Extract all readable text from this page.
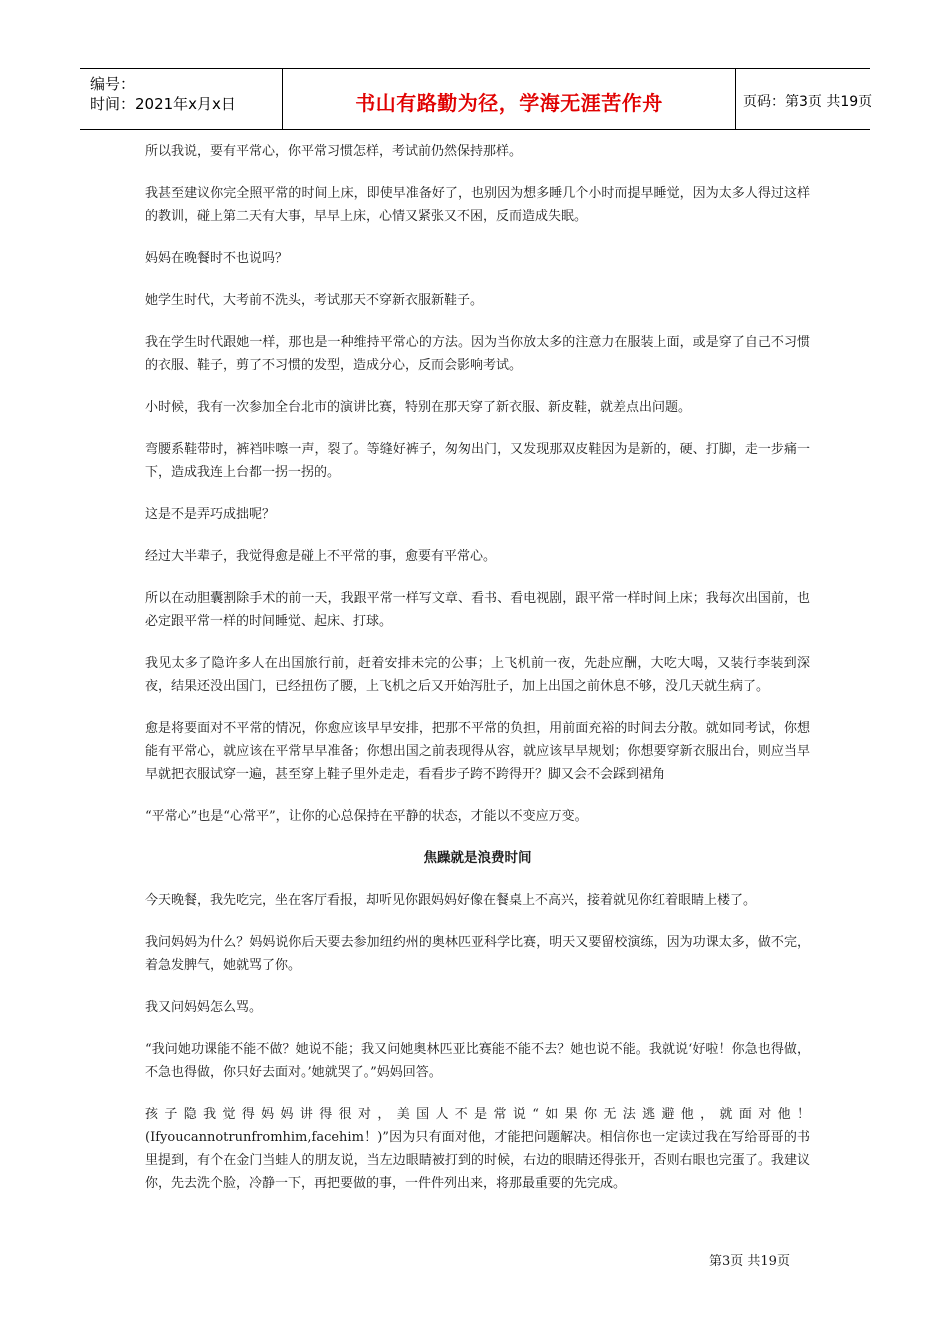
编号：
时间：2021年x月x日	书山有路勤为径，学海无涯苦作舟	页码：第3页 共19页

所以我说，要有平常心，你平常习惯怎样，考试前仍然保持那样。

我甚至建议你完全照平常的时间上床，即使早准备好了，也别因为想多睡几个小时而提早睡觉，因为太多人得过这样的教训，碰上第二天有大事，早早上床，心情又紧张又不困，反而造成失眠。

妈妈在晚餐时不也说吗？

她学生时代，大考前不洗头，考试那天不穿新衣服新鞋子。

我在学生时代跟她一样，那也是一种维持平常心的方法。因为当你放太多的注意力在服装上面，或是穿了自己不习惯的衣服、鞋子，剪了不习惯的发型，造成分心，反而会影响考试。

小时候，我有一次参加全台北市的演讲比赛，特别在那天穿了新衣服、新皮鞋，就差点出问题。

弯腰系鞋带时，裤裆咔嚓一声，裂了。等缝好裤子，匆匆出门，又发现那双皮鞋因为是新的，硬、打脚，走一步痛一下，造成我连上台都一拐一拐的。

这是不是弄巧成拙呢？

经过大半辈子，我觉得愈是碰上不平常的事，愈要有平常心。

所以在动胆囊割除手术的前一天，我跟平常一样写文章、看书、看电视剧，跟平常一样时间上床；我每次出国前，也必定跟平常一样的时间睡觉、起床、打球。

我见太多了隐许多人在出国旅行前，赶着安排未完的公事；上飞机前一夜，先赴应酬，大吃大喝，又装行李装到深夜，结果还没出国门，已经扭伤了腰，上飞机之后又开始泻肚子，加上出国之前休息不够，没几天就生病了。

愈是将要面对不平常的情况，你愈应该早早安排，把那不平常的负担，用前面充裕的时间去分散。就如同考试，你想能有平常心，就应该在平常早早准备；你想出国之前表现得从容，就应该早早规划；你想要穿新衣服出台，则应当早早就把衣服试穿一遍，甚至穿上鞋子里外走走，看看步子跨不跨得开？脚又会不会踩到裙角

“平常心”也是“心常平”，让你的心总保持在平静的状态，才能以不变应万变。

焦躁就是浪费时间

今天晚餐，我先吃完，坐在客厅看报，却听见你跟妈妈好像在餐桌上不高兴，接着就见你红着眼睛上楼了。

我问妈妈为什么？妈妈说你后天要去参加纽约州的奥林匹亚科学比赛，明天又要留校演练，因为功课太多，做不完，着急发脾气，她就骂了你。

我又问妈妈怎么骂。

“我问她功课能不能不做？她说不能；我又问她奥林匹亚比赛能不能不去？她也说不能。我就说‘好啦！你急也得做，不急也得做，你只好去面对。’她就哭了。”妈妈回答。

孩子隐我觉得妈妈讲得很对，美国人不是常说“如果你无法逃避他，就面对他！(Ifyoucannotrunfromhim,facehim！)”因为只有面对他，才能把问题解决。相信你也一定读过我在写给哥哥的书里提到，有个在金门当蛙人的朋友说，当左边眼睛被打到的时候，右边的眼睛还得张开，否则右眼也完蛋了。我建议你，先去洗个脸，冷静一下，再把要做的事，一件件列出来，将那最重要的先完成。

第3页 共19页
